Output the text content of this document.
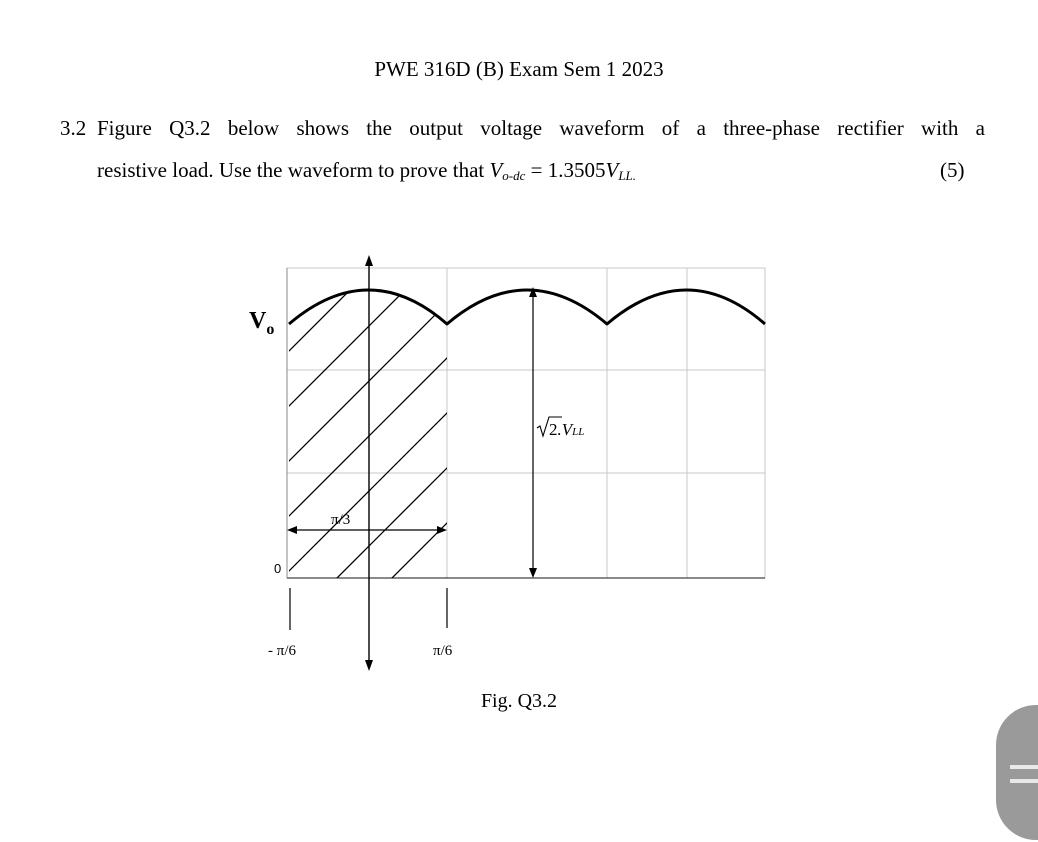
PWE 316D (B) Exam Sem 1 2023
3.2 Figure Q3.2 below shows the output voltage waveform of a three-phase rectifier with a
resistive load. Use the waveform to prove that $V_{o-dc} = 1.3505V_{LL.}$	(5)
$V_o$
0
2.VLL
π/3
- π/6	π/6
Fig. Q3.2
